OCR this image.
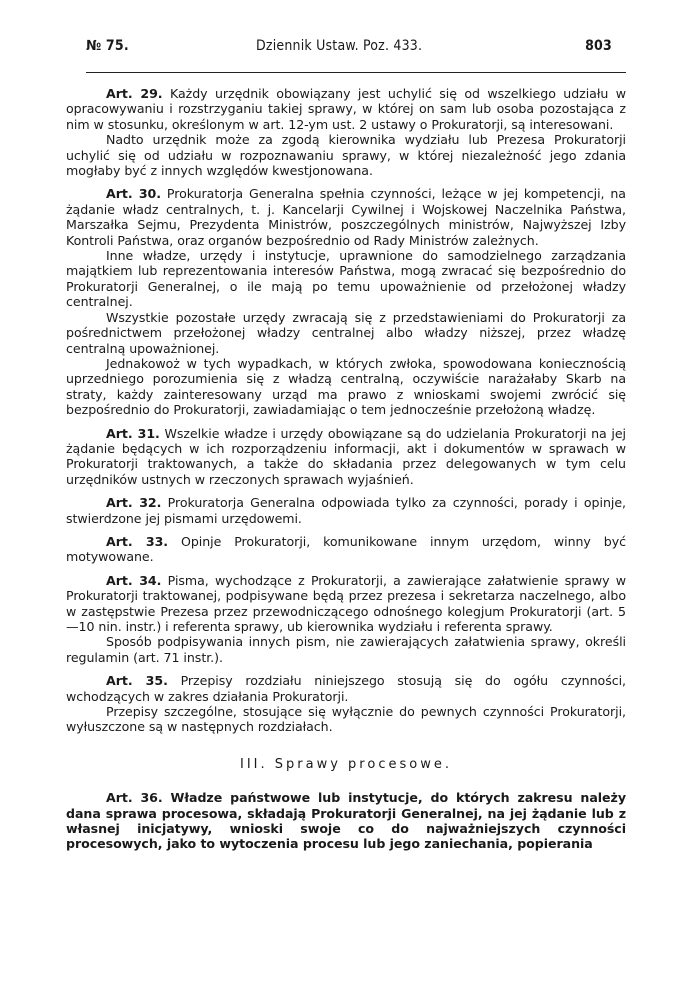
№ 75.	Dziennik Ustaw. Poz. 433.	803

Art. 29. Każdy urzędnik obowiązany jest uchylić się od wszelkiego udziału w opracowywaniu i rozstrzyganiu takiej sprawy, w której on sam lub osoba pozostająca z nim w stosunku, określonym w art. 12-ym ust. 2 ustawy o Prokuratorji, są interesowani.

Nadto urzędnik może za zgodą kierownika wydziału lub Prezesa Prokuratorji uchylić się od udziału w rozpoznawaniu sprawy, w której niezależność jego zdania mogłaby być z innych względów kwestjonowana.

Art. 30. Prokuratorja Generalna spełnia czynności, leżące w jej kompetencji, na żądanie władz centralnych, t. j. Kancelarji Cywilnej i Wojskowej Naczelnika Państwa, Marszałka Sejmu, Prezydenta Ministrów, poszczególnych ministrów, Najwyższej Izby Kontroli Państwa, oraz organów bezpośrednio od Rady Ministrów zależnych.

Inne władze, urzędy i instytucje, uprawnione do samodzielnego zarządzania majątkiem lub reprezentowania interesów Państwa, mogą zwracać się bezpośrednio do Prokuratorji Generalnej, o ile mają po temu upoważnienie od przełożonej władzy centralnej.

Wszystkie pozostałe urzędy zwracają się z przedstawieniami do Prokuratorji za pośrednictwem przełożonej władzy centralnej albo władzy niższej, przez władzę centralną upoważnionej.

Jednakowoż w tych wypadkach, w których zwłoka, spowodowana koniecznością uprzedniego porozumienia się z władzą centralną, oczywiście narażałaby Skarb na straty, każdy zainteresowany urząd ma prawo z wnioskami swojemi zwrócić się bezpośrednio do Prokuratorji, zawiadamiając o tem jednocześnie przełożoną władzę.

Art. 31. Wszelkie władze i urzędy obowiązane są do udzielania Prokuratorji na jej żądanie będących w ich rozporządzeniu informacji, akt i dokumentów w sprawach w Prokuratorji traktowanych, a także do składania przez delegowanych w tym celu urzędników ustnych w rzeczonych sprawach wyjaśnień.

Art. 32. Prokuratorja Generalna odpowiada tylko za czynności, porady i opinje, stwierdzone jej pismami urzędowemi.

Art. 33. Opinje Prokuratorji, komunikowane innym urzędom, winny być motywowane.

Art. 34. Pisma, wychodzące z Prokuratorji, a zawierające załatwienie sprawy w Prokuratorji traktowanej, podpisywane będą przez prezesa i sekretarza naczelnego, albo w zastępstwie Prezesa przez przewodniczącego odnośnego kolegjum Prokuratorji (art. 5—10 nin. instr.) i referenta sprawy, ub kierownika wydziału i referenta sprawy.

Sposób podpisywania innych pism, nie zawierających załatwienia sprawy, określi regulamin (art. 71 instr.).

Art. 35. Przepisy rozdziału niniejszego stosują się do ogółu czynności, wchodzących w zakres działania Prokuratorji.

Przepisy szczególne, stosujące się wyłącznie do pewnych czynności Prokuratorji, wyłuszczone są w następnych rozdziałach.

III. Sprawy procesowe.

Art. 36. Władze państwowe lub instytucje, do których zakresu należy dana sprawa procesowa, składają Prokuratorji Generalnej, na jej żądanie lub z własnej inicjatywy, wnioski swoje co do najważniejszych czynności procesowych, jako to wytoczenia procesu lub jego zaniechania, popierania
